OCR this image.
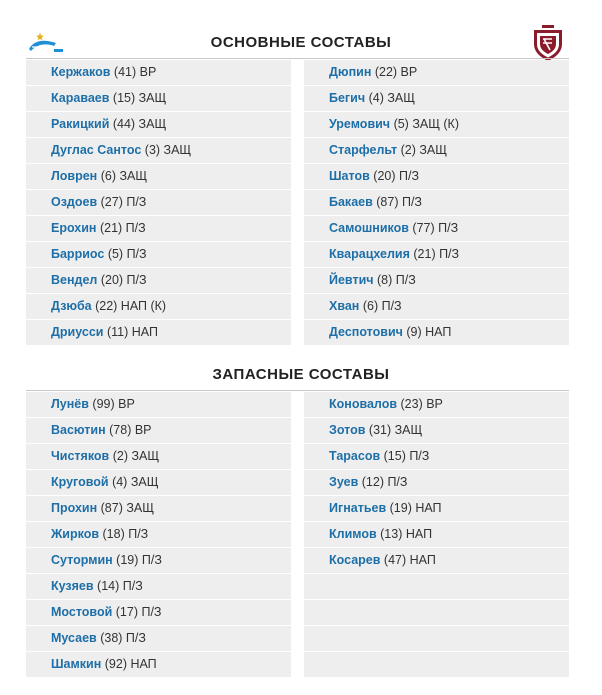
ОСНОВНЫЕ СОСТАВЫ
Кержаков (41) ВР
Караваев (15) ЗАЩ
Ракицкий (44) ЗАЩ
Дуглас Сантос (3) ЗАЩ
Ловрен (6) ЗАЩ
Оздоев (27) П/З
Ерохин (21) П/З
Барриос (5) П/З
Вендел (20) П/З
Дзюба (22) НАП (К)
Дриусси (11) НАП
Дюпин (22) ВР
Бегич (4) ЗАЩ
Уремович (5) ЗАЩ (К)
Старфельт (2) ЗАЩ
Шатов (20) П/З
Бакаев (87) П/З
Самошников (77) П/З
Кварацхелия (21) П/З
Йевтич (8) П/З
Хван (6) П/З
Деспотович (9) НАП
ЗАПАСНЫЕ СОСТАВЫ
Лунёв (99) ВР
Васютин (78) ВР
Чистяков (2) ЗАЩ
Круговой (4) ЗАЩ
Прохин (87) ЗАЩ
Жирков (18) П/З
Сутормин (19) П/З
Кузяев (14) П/З
Мостовой (17) П/З
Мусаев (38) П/З
Шамкин (92) НАП
Коновалов (23) ВР
Зотов (31) ЗАЩ
Тарасов (15) П/З
Зуев (12) П/З
Игнатьев (19) НАП
Климов (13) НАП
Косарев (47) НАП
